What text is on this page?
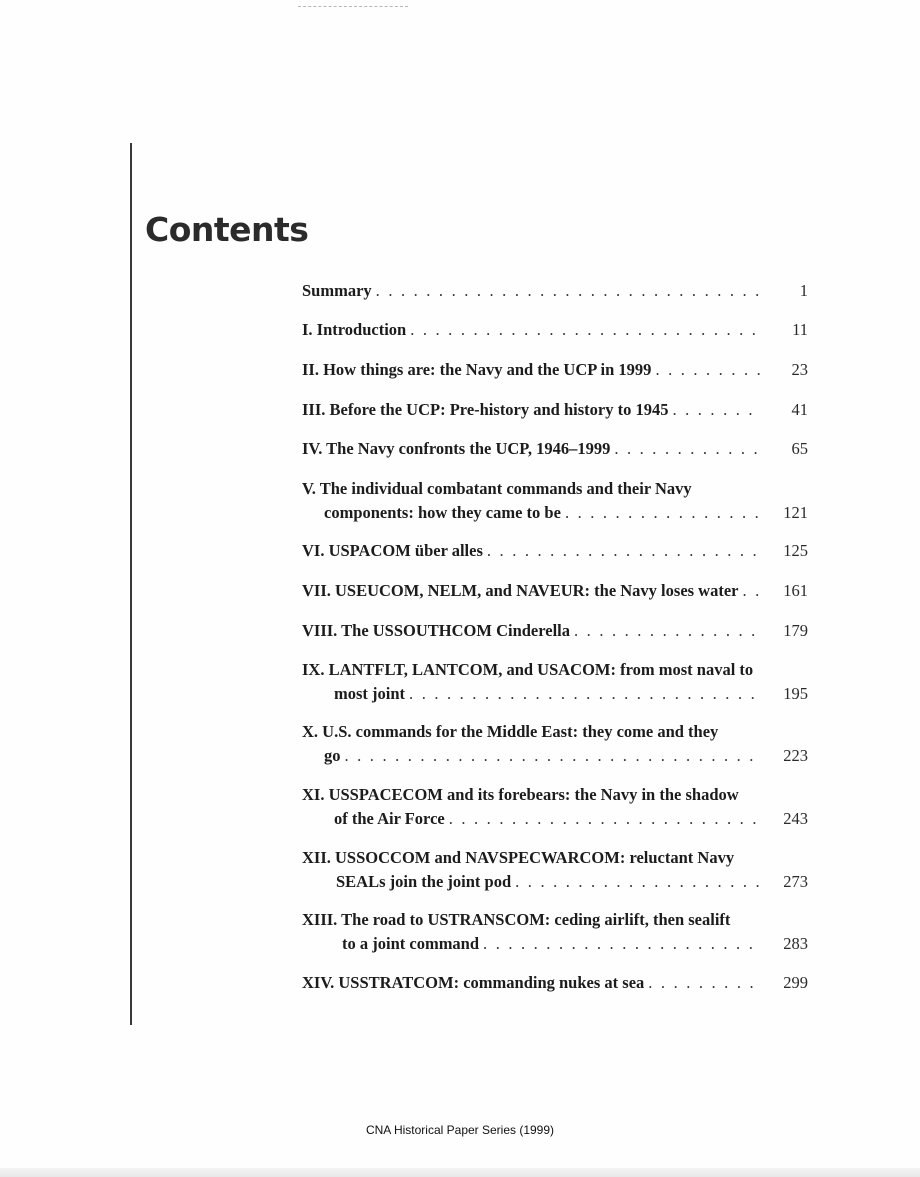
Contents
Summary . . .	1
I. Introduction . . .	11
II. How things are: the Navy and the UCP in 1999 . . .	23
III. Before the UCP: Pre-history and history to 1945 . . .	41
IV. The Navy confronts the UCP, 1946–1999 . . .	65
V. The individual combatant commands and their Navy
components: how they came to be . . .	121
VI. USPACOM über alles . . .	125
VII. USEUCOM, NELM, and NAVEUR: the Navy loses water . . .	161
VIII. The USSOUTHCOM Cinderella . . .	179
IX. LANTFLT, LANTCOM, and USACOM: from most naval to
most joint . . .	195
X. U.S. commands for the Middle East: they come and they
go . . .	223
XI. USSPACECOM and its forebears: the Navy in the shadow
of the Air Force . . .	243
XII. USSOCCOM and NAVSPECWARCOM: reluctant Navy
SEALs join the joint pod . . .	273
XIII. The road to USTRANSCOM: ceding airlift, then sealift
to a joint command . . .	283
XIV. USSTRATCOM: commanding nukes at sea . . .	299
CNA Historical Paper Series (1999)
